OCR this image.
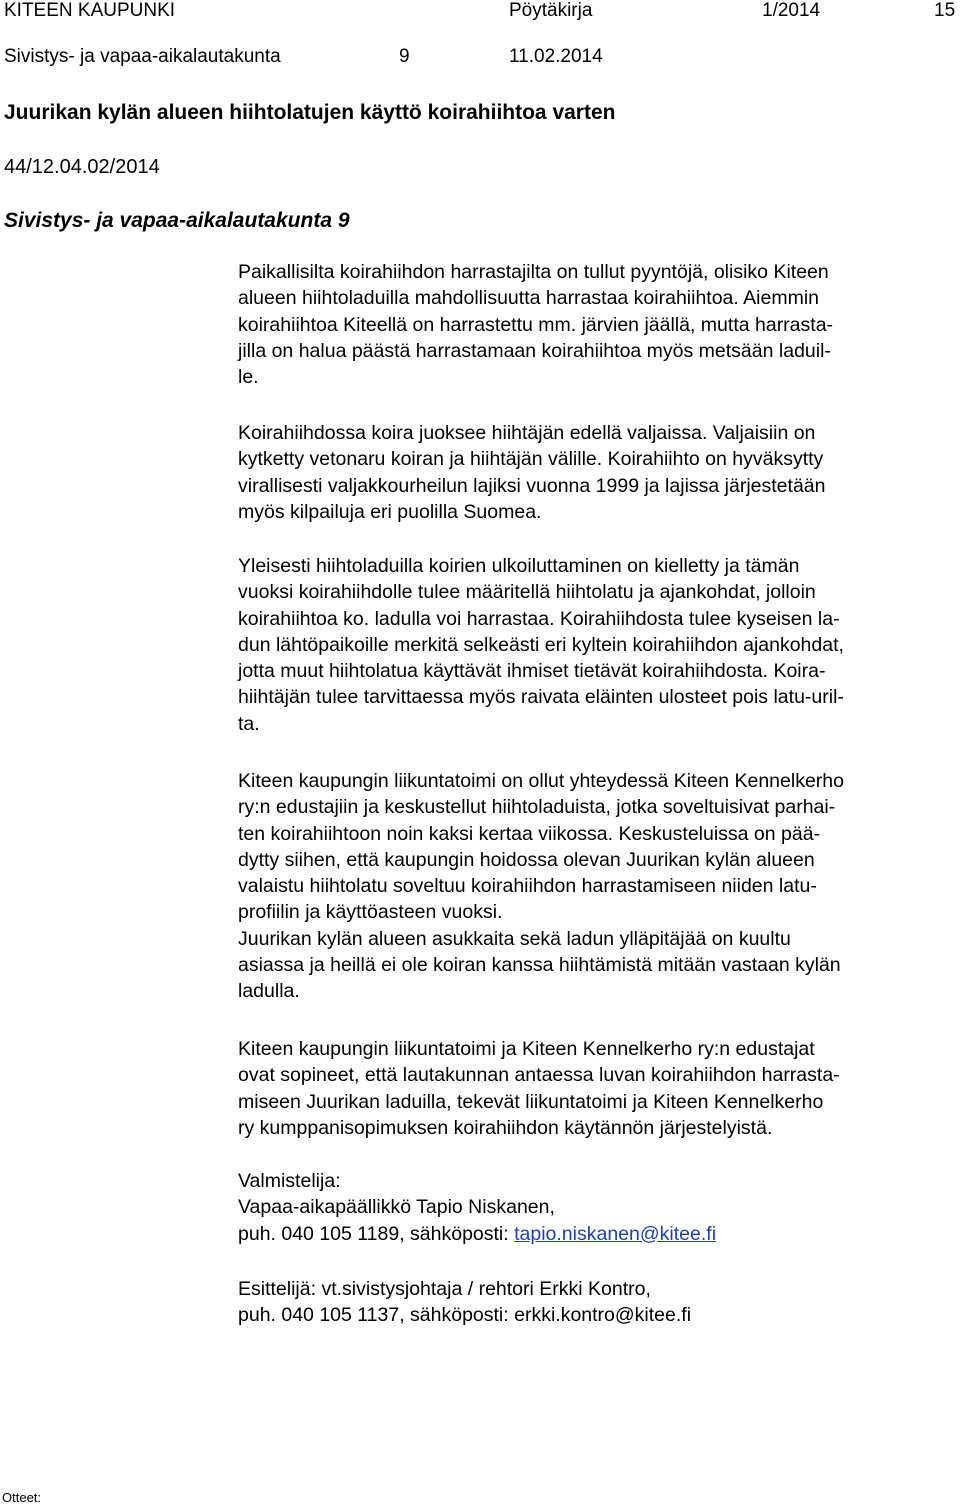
KITEEN KAUPUNKI	Pöytäkirja	1/2014	15
Sivistys- ja vapaa-aikalautakunta	9	11.02.2014
Juurikan kylän alueen hiihtolatujen käyttö koirahiihtoa varten
44/12.04.02/2014
Sivistys- ja vapaa-aikalautakunta 9
Paikallisilta koirahiihdon harrastajilta on tullut pyyntöjä, olisiko Kiteen
alueen hiihtoladuilla mahdollisuutta harrastaa koirahiihtoa. Aiemmin
koirahiihtoa Kiteellä on harrastettu mm. järvien jäällä, mutta harrasta-
jilla on halua päästä harrastamaan koirahiihtoa myös metsään laduil-
le.
Koirahiihdossa koira juoksee hiihtäjän edellä valjaissa. Valjaisiin on
kytketty vetonaru koiran ja hiihtäjän välille. Koirahiihto on hyväksytty
virallisesti valjakkourheilun lajiksi vuonna 1999 ja lajissa järjestetään
myös kilpailuja eri puolilla Suomea.
Yleisesti hiihtoladuilla koirien ulkoiluttaminen on kielletty ja tämän
vuoksi koirahiihdolle tulee määritellä hiihtolatu ja ajankohdat, jolloin
koirahiihtoa ko. ladulla voi harrastaa. Koirahiihdosta tulee kyseisen la-
dun lähtöpaikoille merkitä selkeästi eri kyltein koirahiihdon ajankohdat,
jotta muut hiihtolatua käyttävät ihmiset tietävät koirahiihdosta. Koira-
hiihtäjän tulee tarvittaessa myös raivata eläinten ulosteet pois latu-uril-
ta.
Kiteen kaupungin liikuntatoimi on ollut yhteydessä Kiteen Kennelkerho
ry:n edustajiin ja keskustellut hiihtoladuista, jotka soveltuisivat parhai-
ten koirahiihtoon noin kaksi kertaa viikossa. Keskusteluissa on pää-
dytty siihen, että kaupungin hoidossa olevan Juurikan kylän alueen
valaistu hiihtolatu soveltuu koirahiihdon harrastamiseen niiden latu-
profiilin ja käyttöasteen vuoksi.
Juurikan kylän alueen asukkaita sekä ladun ylläpitäjää on kuultu
asiassa ja heillä ei ole koiran kanssa hiihtämistä mitään vastaan kylän
ladulla.
Kiteen kaupungin liikuntatoimi ja Kiteen Kennelkerho ry:n edustajat
ovat sopineet, että lautakunnan antaessa luvan koirahiihdon harrasta-
miseen Juurikan laduilla, tekevät liikuntatoimi ja Kiteen Kennelkerho
ry kumppanisopimuksen koirahiihdon käytännön järjestelyistä.
Valmistelija:
Vapaa-aikapäällikkö Tapio Niskanen,
puh. 040 105 1189, sähköposti: tapio.niskanen@kitee.fi
Esittelijä: vt.sivistysjohtaja / rehtori Erkki Kontro,
puh. 040 105 1137, sähköposti: erkki.kontro@kitee.fi
Otteet:
